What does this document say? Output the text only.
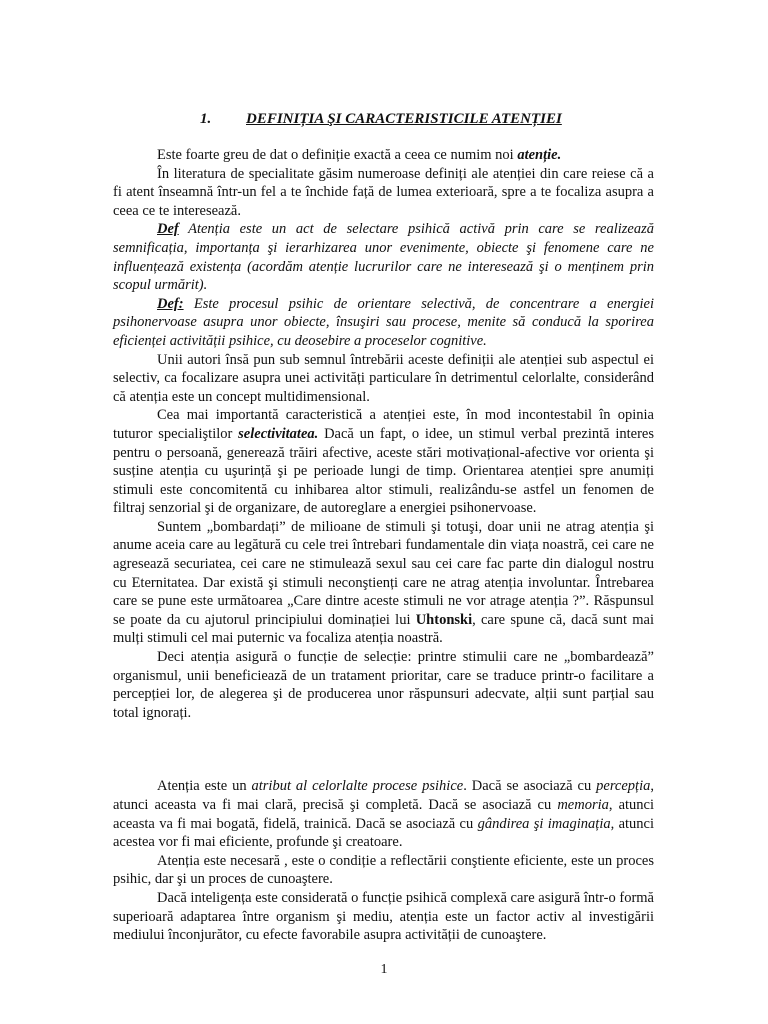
1. DEFINIȚIA ŞI CARACTERISTICILE ATENȚIEI

Este foarte greu de dat o definiție exactă a ceea ce numim noi atenție.

În literatura de specialitate găsim numeroase definiți ale atenției din care reiese că a fi atent înseamnă într-un fel a te închide față de lumea exterioară, spre a te focaliza asupra a ceea ce te interesează.

Def Atenția este un act de selectare psihică activă prin care se realizează semnificația, importanța şi ierarhizarea unor evenimente, obiecte şi fenomene care ne influențează existența (acordăm atenție lucrurilor care ne interesează şi o menținem prin scopul urmărit).

Def: Este procesul psihic de orientare selectivă, de concentrare a energiei psihonervoase asupra unor obiecte, însuşiri sau procese, menite să conducă la sporirea eficienței activității psihice, cu deosebire a proceselor cognitive.

Unii autori însă pun sub semnul întrebării aceste definiții ale atenției sub aspectul ei selectiv, ca focalizare asupra unei activități particulare în detrimentul celorlalte, considerând că atenția este un concept multidimensional.

Cea mai importantă caracteristică a atenției este, în mod incontestabil în opinia tuturor specialiştilor selectivitatea. Dacă un fapt, o idee, un stimul verbal prezintă interes pentru o persoană, generează trăiri afective, aceste stări motivațional-afective vor orienta şi susține atenția cu uşurință şi pe perioade lungi de timp. Orientarea atenției spre anumiți stimuli este concomitentă cu inhibarea altor stimuli, realizându-se astfel un fenomen de filtraj senzorial şi de organizare, de autoreglare a energiei psihonervoase.

Suntem „bombardați” de milioane de stimuli şi totuşi, doar unii ne atrag atenția şi anume aceia care au legătură cu cele trei întrebari fundamentale din viața noastră, cei care ne agresează securiatea, cei care ne stimulează sexul sau cei care fac parte din dialogul nostru cu Eternitatea. Dar există şi stimuli neconştienți care ne atrag atenția involuntar. Întrebarea care se pune este următoarea „Care dintre aceste stimuli ne vor atrage atenția ?”. Răspunsul se poate da cu ajutorul principiului dominației lui Uhtonski, care spune că, dacă sunt mai mulți stimuli cel mai puternic va focaliza atenția noastră.

Deci atenția asigură o funcție de selecție: printre stimulii care ne „bombardează” organismul, unii beneficiează de un tratament prioritar, care se traduce printr-o facilitare a percepției lor, de alegerea şi de producerea unor răspunsuri adecvate, alții sunt parțial sau total ignorați.

Atenția este un atribut al celorlalte procese psihice. Dacă se asociază cu percepția, atunci aceasta va fi mai clară, precisă şi completă. Dacă se asociază cu memoria, atunci aceasta va fi mai bogată, fidelă, trainică. Dacă se asociază cu gândirea şi imaginația, atunci acestea vor fi mai eficiente, profunde şi creatoare.

Atenția este necesară , este o condiție a reflectării conştiente eficiente, este un proces psihic, dar şi un proces de cunoaştere.

Dacă inteligența este considerată o funcție psihică complexă care asigură într-o formă superioară adaptarea între organism şi mediu, atenția este un factor activ al investigării mediului înconjurător, cu efecte favorabile asupra activității de cunoaştere.

1
